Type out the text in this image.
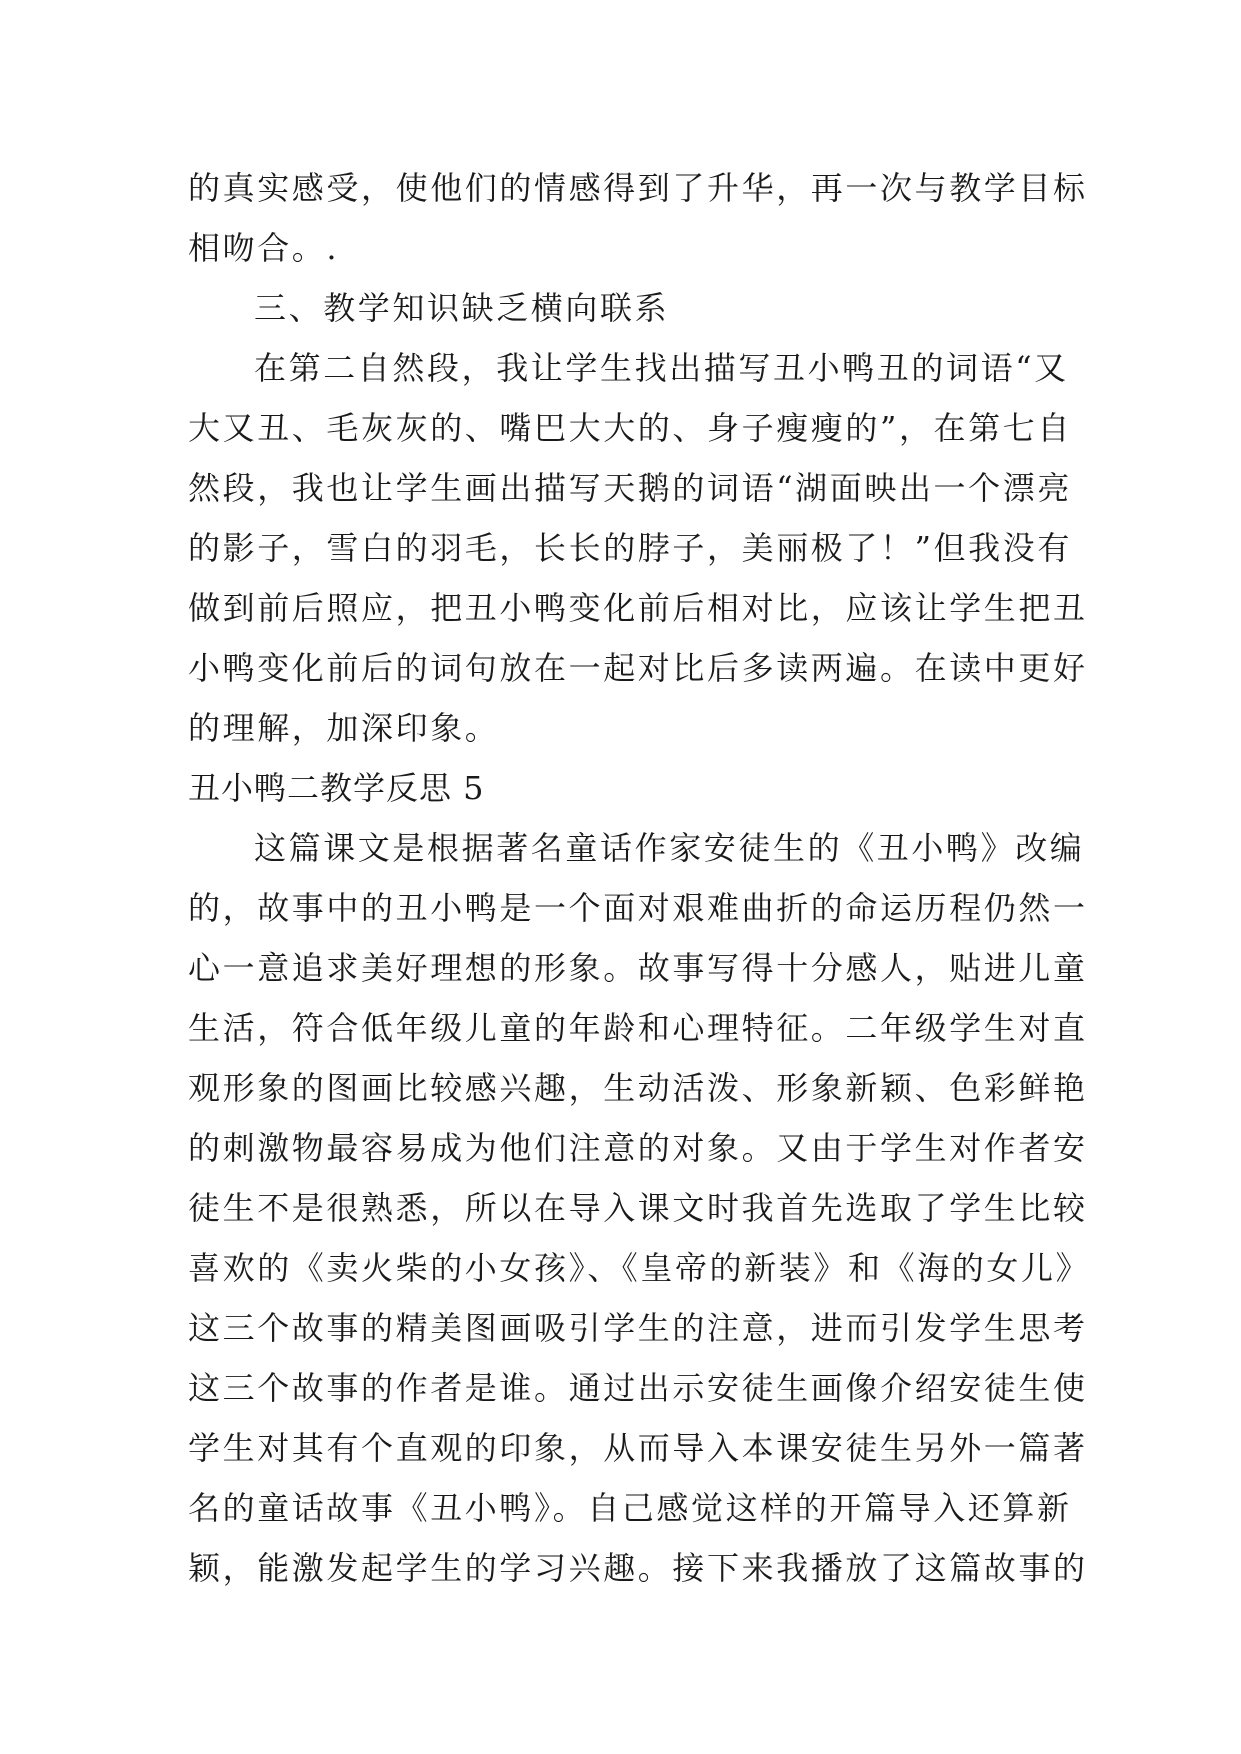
的真实感受，使他们的情感得到了升华，再一次与教学目标
相吻合。.
三、教学知识缺乏横向联系
在第二自然段，我让学生找出描写丑小鸭丑的词语“又
大又丑、毛灰灰的、嘴巴大大的、身子瘦瘦的”，在第七自
然段，我也让学生画出描写天鹅的词语“湖面映出一个漂亮
的影子，雪白的羽毛，长长的脖子，美丽极了！”但我没有
做到前后照应，把丑小鸭变化前后相对比，应该让学生把丑
小鸭变化前后的词句放在一起对比后多读两遍。在读中更好
的理解，加深印象。
丑小鸭二教学反思 5
这篇课文是根据著名童话作家安徒生的《丑小鸭》改编
的，故事中的丑小鸭是一个面对艰难曲折的命运历程仍然一
心一意追求美好理想的形象。故事写得十分感人，贴进儿童
生活，符合低年级儿童的年龄和心理特征。二年级学生对直
观形象的图画比较感兴趣，生动活泼、形象新颖、色彩鲜艳
的刺激物最容易成为他们注意的对象。又由于学生对作者安
徒生不是很熟悉，所以在导入课文时我首先选取了学生比较
喜欢的《卖火柴的小女孩》、《皇帝的新装》和《海的女儿》
这三个故事的精美图画吸引学生的注意，进而引发学生思考
这三个故事的作者是谁。通过出示安徒生画像介绍安徒生使
学生对其有个直观的印象，从而导入本课安徒生另外一篇著
名的童话故事《丑小鸭》。自己感觉这样的开篇导入还算新
颖，能激发起学生的学习兴趣。接下来我播放了这篇故事的
